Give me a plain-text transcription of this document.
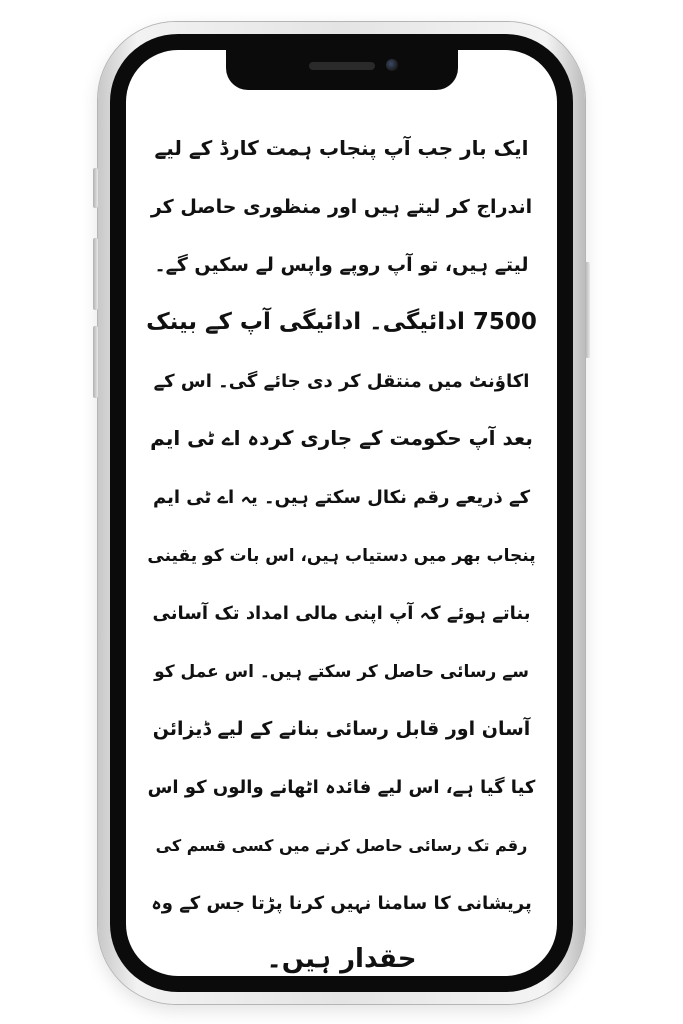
ایک بار جب آپ پنجاب ہمت کارڈ کے لیے
اندراج کر لیتے ہیں اور منظوری حاصل کر
لیتے ہیں، تو آپ روپے واپس لے سکیں گے۔
7500 ادائیگی۔ ادائیگی آپ کے بینک
اکاؤنٹ میں منتقل کر دی جائے گی۔ اس کے
بعد آپ حکومت کے جاری کردہ اے ٹی ایم
کے ذریعے رقم نکال سکتے ہیں۔ یہ اے ٹی ایم
پنجاب بھر میں دستیاب ہیں، اس بات کو یقینی
بناتے ہوئے کہ آپ اپنی مالی امداد تک آسانی
سے رسائی حاصل کر سکتے ہیں۔ اس عمل کو
آسان اور قابل رسائی بنانے کے لیے ڈیزائن
کیا گیا ہے، اس لیے فائدہ اٹھانے والوں کو اس
رقم تک رسائی حاصل کرنے میں کسی قسم کی
پریشانی کا سامنا نہیں کرنا پڑتا جس کے وہ
حقدار ہیں۔
